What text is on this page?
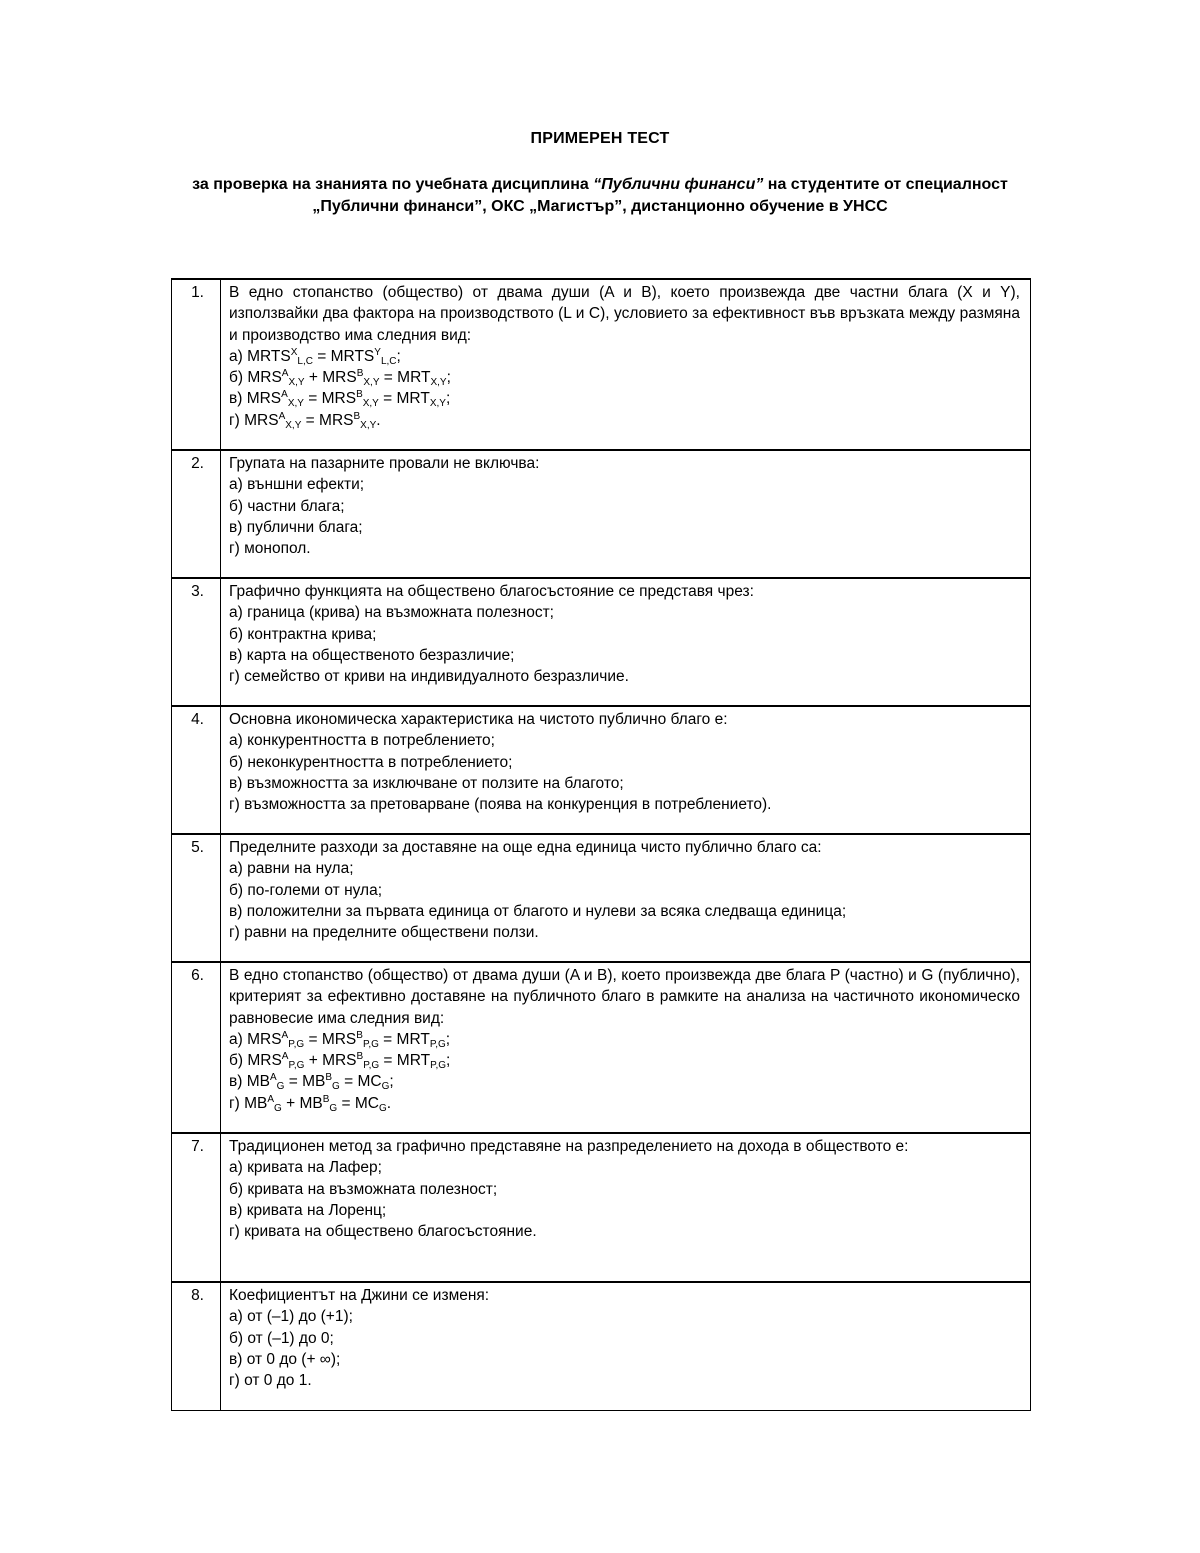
ПРИМЕРЕН ТЕСТ
за проверка на знанията по учебната дисциплина “Публични финанси” на студентите от специалност „Публични финанси”, ОКС „Магистър”, дистанционно обучение в УНСС
1.	В едно стопанство (общество) от двама души (A и B), което произвежда две частни блага (X и Y), използвайки два фактора на производството (L и C), условието за ефективност във връзката между размяна и производство има следния вид:
а) $MRTS^X_{L,C}$ = $MRTS^Y_{L,C}$;
б) $MRS^A_{X,Y} + MRS^B_{X,Y} = MRT_{X,Y}$;
в) $MRS^A_{X,Y} = MRS^B_{X,Y} = MRT_{X,Y}$;
г) $MRS^A_{X,Y} = MRS^B_{X,Y}$.

2.	Групата на пазарните провали не включва:
а) външни ефекти;
б) частни блага;
в) публични блага;
г) монопол.

3.	Графично функцията на обществено благосъстояние се представя чрез:
а) граница (крива) на възможната полезност;
б) контрактна крива;
в) карта на общественото безразличие;
г) семейство от криви на индивидуалното безразличие.

4.	Основна икономическа характеристика на чистото публично благо е:
а) конкурентността в потреблението;
б) неконкурентността в потреблението;
в) възможността за изключване от ползите на благото;
г) възможността за претоварване (поява на конкуренция в потреблението).

5.	Пределните разходи за доставяне на още една единица чисто публично благо са:
а) равни на нула;
б) по-големи от нула;
в) положителни за първата единица от благото и нулеви за всяка следваща единица;
г) равни на пределните обществени ползи.

6.	В едно стопанство (общество) от двама души (A и B), което произвежда две блага P (частно) и G (публично), критерият за ефективно доставяне на публичното благо в рамките на анализа на частичното икономическо равновесие има следния вид:
а) $MRS^A_{P,G} = MRS^B_{P,G} = MRT_{P,G}$;
б) $MRS^A_{P,G} + MRS^B_{P,G} = MRT_{P,G}$;
в) $MB^A_G = MB^B_G = MC_G$;
г) $MB^A_G + MB^B_G = MC_G$.

7.	Традиционен метод за графично представяне на разпределението на дохода в обществото е:
а) кривата на Лафер;
б) кривата на възможната полезност;
в) кривата на Лоренц;
г) кривата на обществено благосъстояние.

8.	Коефициентът на Джини се изменя:
а) от (–1) до (+1);
б) от (–1) до 0;
в) от 0 до (+ ∞);
г) от 0 до 1.
